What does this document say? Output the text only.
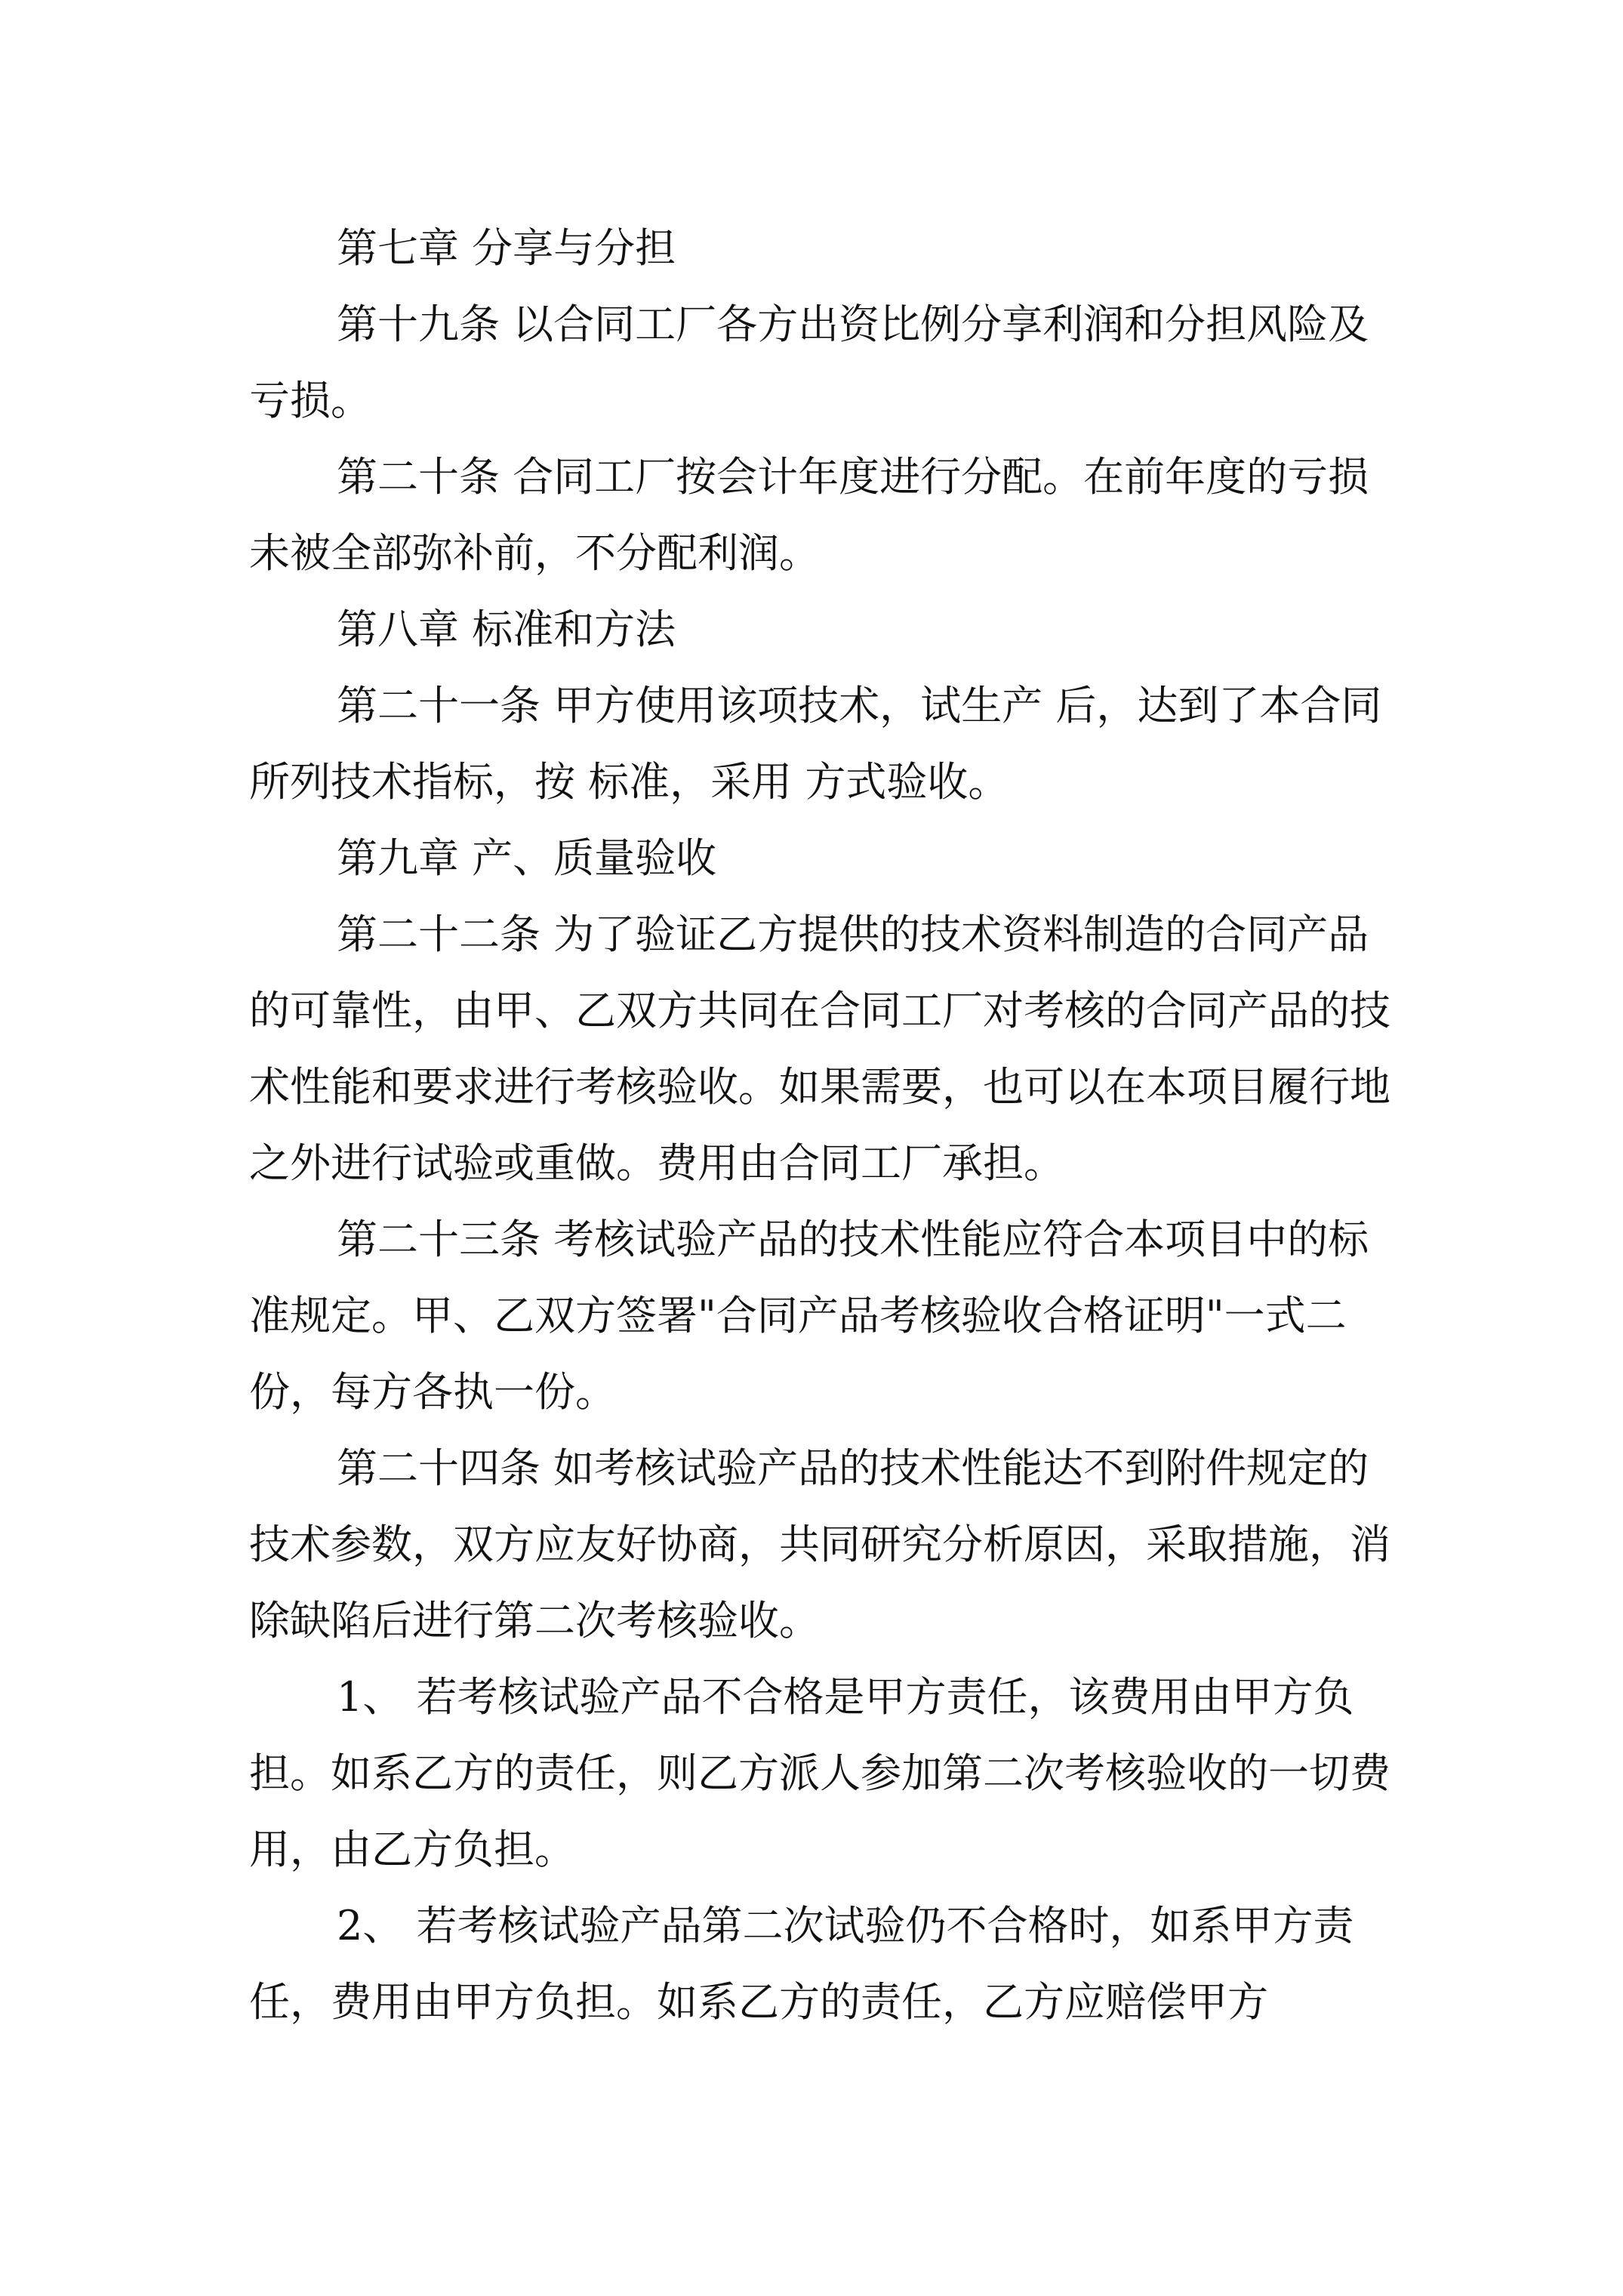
第七章 分享与分担

第十九条 以合同工厂各方出资比例分享利润和分担风险及亏损。

第二十条 合同工厂按会计年度进行分配。在前年度的亏损未被全部弥补前，不分配利润。

第八章 标准和方法

第二十一条 甲方使用该项技术，试生产 后，达到了本合同所列技术指标，按 标准，采用 方式验收。

第九章 产、质量验收

第二十二条 为了验证乙方提供的技术资料制造的合同产品的可靠性，由甲、乙双方共同在合同工厂对考核的合同产品的技术性能和要求进行考核验收。如果需要，也可以在本项目履行地之外进行试验或重做。费用由合同工厂承担。

第二十三条 考核试验产品的技术性能应符合本项目中的标准规定。甲、乙双方签署"合同产品考核验收合格证明"一式二份，每方各执一份。

第二十四条 如考核试验产品的技术性能达不到附件规定的技术参数，双方应友好协商，共同研究分析原因，采取措施，消除缺陷后进行第二次考核验收。

1、 若考核试验产品不合格是甲方责任，该费用由甲方负担。如系乙方的责任，则乙方派人参加第二次考核验收的一切费用，由乙方负担。

2、 若考核试验产品第二次试验仍不合格时，如系甲方责任，费用由甲方负担。如系乙方的责任，乙方应赔偿甲方
